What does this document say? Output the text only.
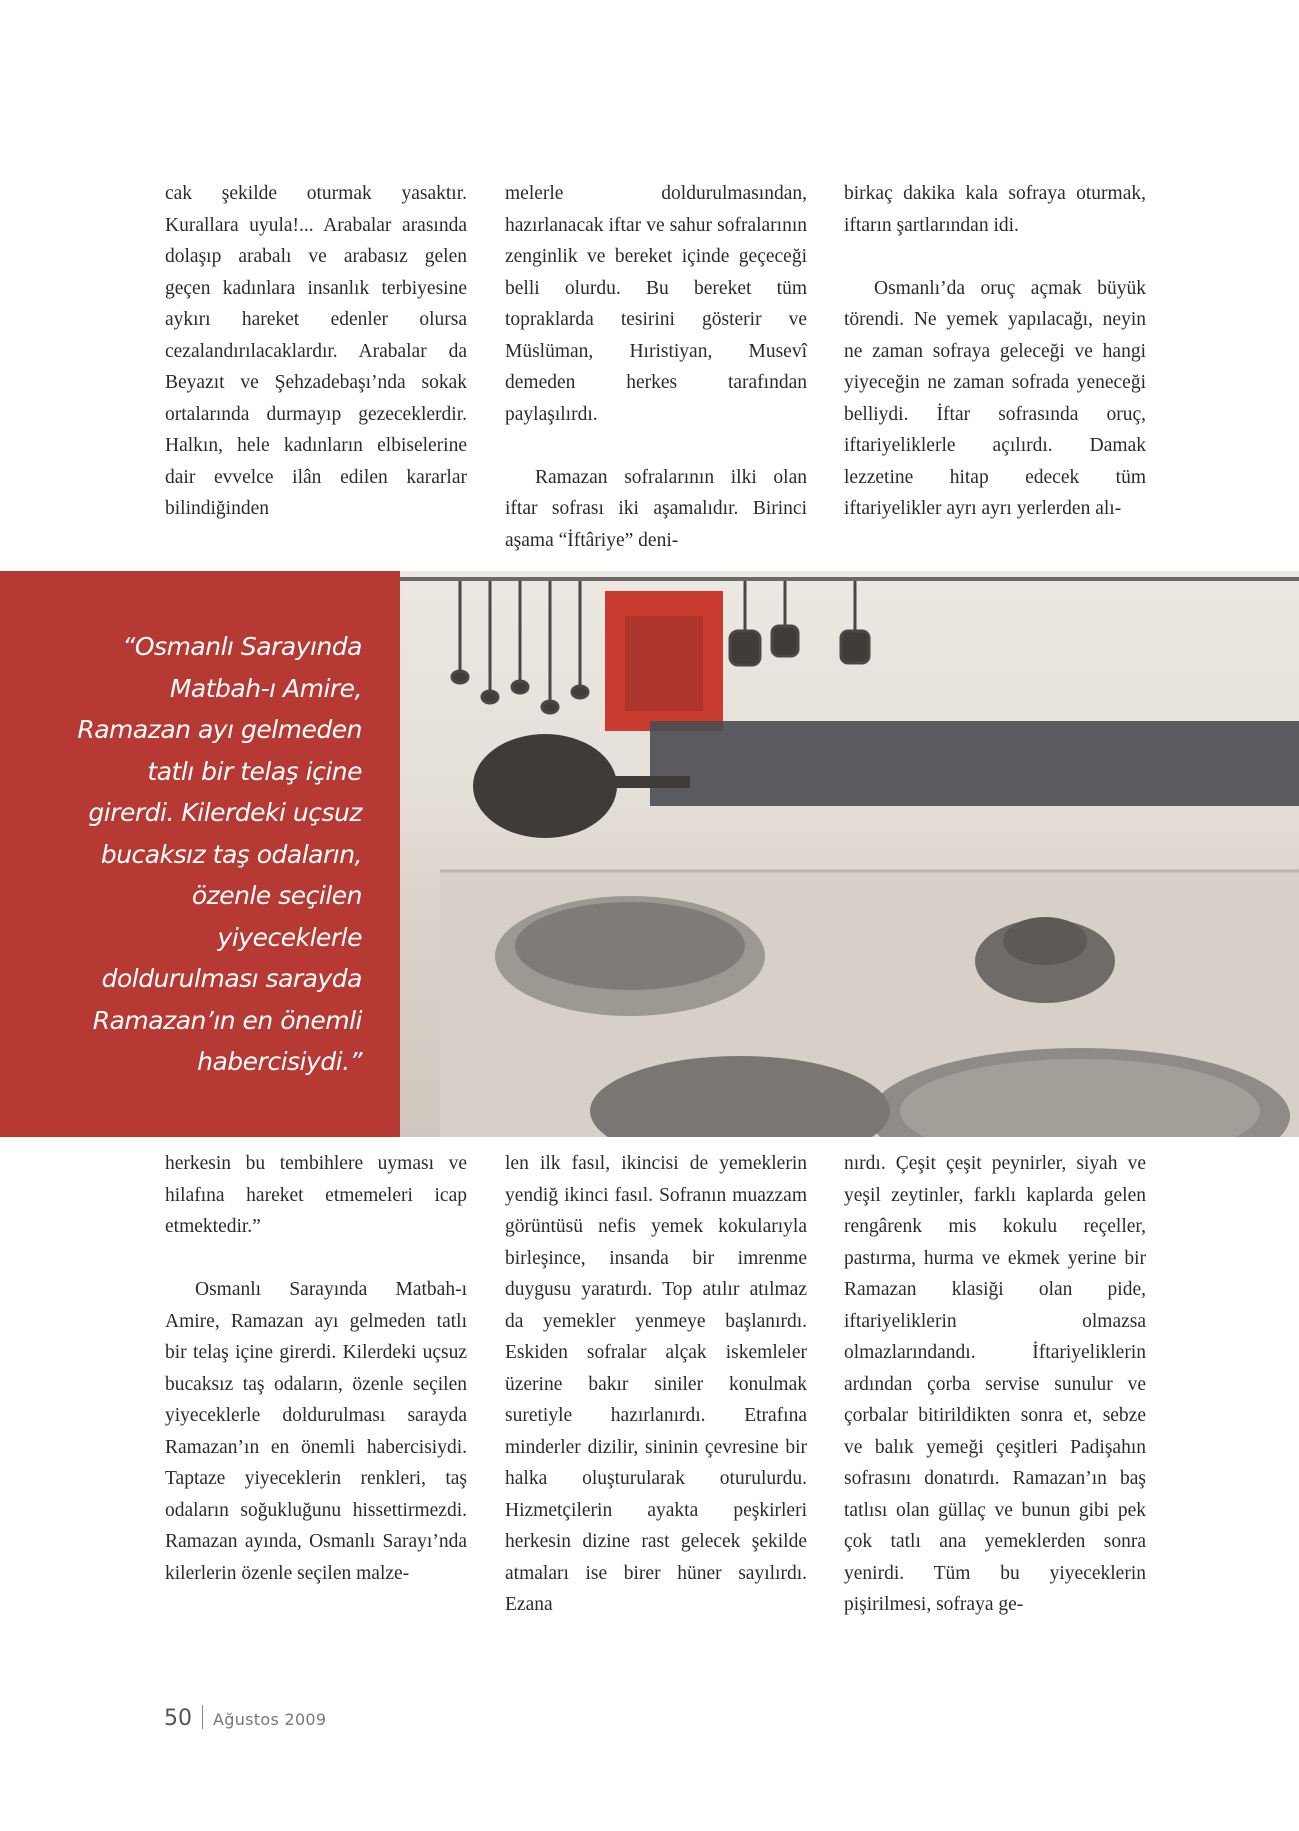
cak şekilde oturmak yasaktır. Kurallara uyula!... Arabalar arasında dolaşıp arabalı ve arabasız gelen geçen kadınlara insanlık terbiyesine aykırı hareket edenler olursa cezalandırılacaklardır. Arabalar da Beyazıt ve Şehzadebaşı’nda sokak ortalarında durmayıp gezeceklerdir. Halkın, hele kadınların elbiselerine dair evvelce ilân edilen kararlar bilindiğinden

melerle doldurulmasından, hazırlanacak iftar ve sahur sofralarının zenginlik ve bereket içinde geçeceği belli olurdu. Bu bereket tüm topraklarda tesirini gösterir ve Müslüman, Hıristiyan, Musevî demeden herkes tarafından paylaşılırdı.

Ramazan sofralarının ilki olan iftar sofrası iki aşamalıdır. Birinci aşama “İftâriye” deni-

birkaç dakika kala sofraya oturmak, iftarın şartlarından idi.

Osmanlı’da oruç açmak büyük törendi. Ne yemek yapılacağı, neyin ne zaman sofraya geleceği ve hangi yiyeceğin ne zaman sofrada yeneceği belliydi. İftar sofrasında oruç, iftariyeliklerle açılırdı. Damak lezzetine hitap edecek tüm iftariyelikler ayrı ayrı yerlerden alı-

“Osmanlı Sarayında Matbah-ı Amire, Ramazan ayı gelmeden tatlı bir telaş içine girerdi. Kilerdeki uçsuz bucaksız taş odaların, özenle seçilen yiyeceklerle doldurulması sarayda Ramazan’ın en önemli habercisiydi.”

herkesin bu tembihlere uyması ve hilafına hareket etmemeleri icap etmektedir.”

Osmanlı Sarayında Matbah-ı Amire, Ramazan ayı gelmeden tatlı bir telaş içine girerdi. Kilerdeki uçsuz bucaksız taş odaların, özenle seçilen yiyeceklerle doldurulması sarayda Ramazan’ın en önemli habercisiydi. Taptaze yiyeceklerin renkleri, taş odaların soğukluğunu hissettirmezdi. Ramazan ayında, Osmanlı Sarayı’nda kilerlerin özenle seçilen malze-

len ilk fasıl, ikincisi de yemeklerin yendiğ ikinci fasıl. Sofranın muazzam görüntüsü nefis yemek kokularıyla birleşince, insanda bir imrenme duygusu yaratırdı. Top atılır atılmaz da yemekler yenmeye başlanırdı. Eskiden sofralar alçak iskemleler üzerine bakır siniler konulmak suretiyle hazırlanırdı. Etrafına minderler dizilir, sininin çevresine bir halka oluşturularak oturulurdu. Hizmetçilerin ayakta peşkirleri herkesin dizine rast gelecek şekilde atmaları ise birer hüner sayılırdı. Ezana

nırdı. Çeşit çeşit peynirler, siyah ve yeşil zeytinler, farklı kaplarda gelen rengârenk mis kokulu reçeller, pastırma, hurma ve ekmek yerine bir Ramazan klasiği olan pide, iftariyeliklerin olmazsa olmazlarındandı. İftariyeliklerin ardından çorba servise sunulur ve çorbalar bitirildikten sonra et, sebze ve balık yemeği çeşitleri Padişahın sofrasını donatırdı. Ramazan’ın baş tatlısı olan güllaç ve bunun gibi pek çok tatlı ana yemeklerden sonra yenirdi. Tüm bu yiyeceklerin pişirilmesi, sofraya ge-

50 Ağustos 2009
